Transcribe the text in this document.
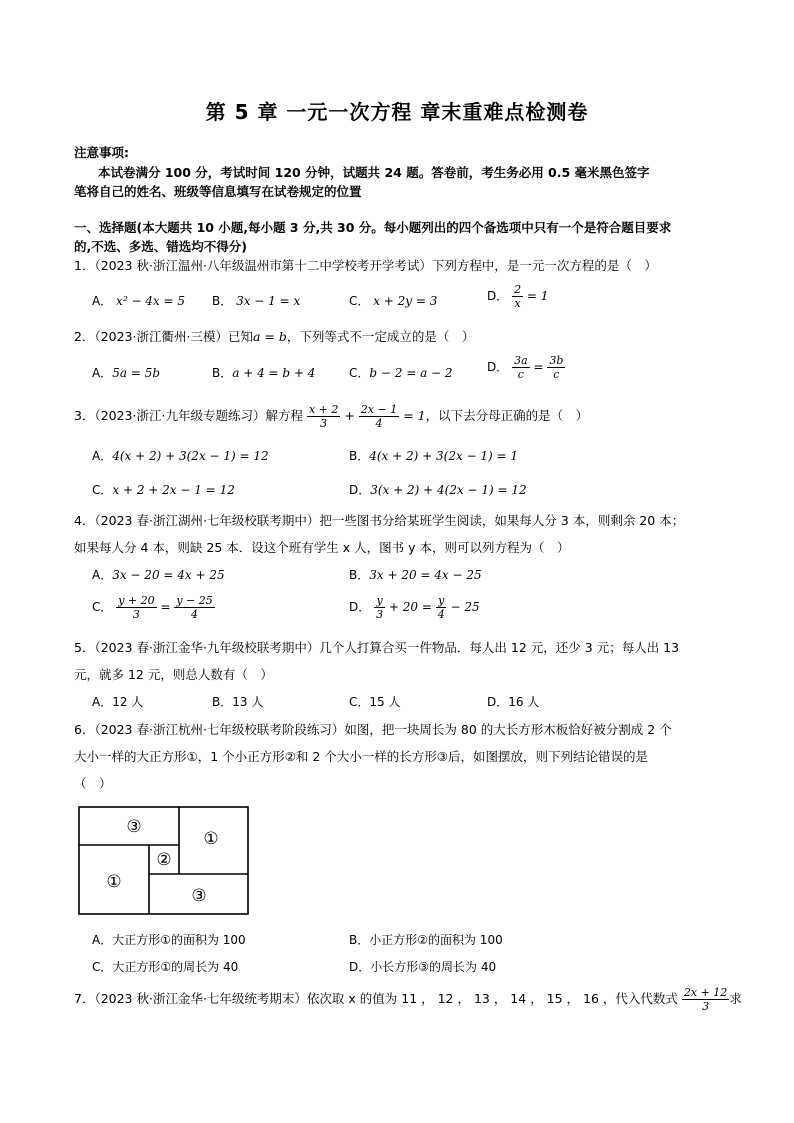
第 5 章 一元一次方程 章末重难点检测卷
注意事项:
本试卷满分 100 分，考试时间 120 分钟，试题共 24 题。答卷前，考生务必用 0.5 毫米黑色签字
笔将自己的姓名、班级等信息填写在试卷规定的位置
一、选择题(本大题共 10 小题,每小题 3 分,共 30 分。每小题列出的四个备选项中只有一个是符合题目要求
的,不选、多选、错选均不得分)
1．（2023 秋·浙江温州·八年级温州市第十二中学校考开学考试）下列方程中，是一元一次方程的是（　）
A． x² − 4x = 5 B． 3x − 1 = x	C． x + 2y = 3	D． $\frac{2}{x} = 1$
2．（2023·浙江衢州·三模）已知a = b，下列等式不一定成立的是（　）
A．5a = 5b	B．a + 4 = b + 4	C．b − 2 = a − 2	D． $\frac{3a}{c} = \frac{3b}{c}$
3．（2023·浙江·九年级专题练习）解方程 $\frac{x + 2}{3} + \frac{2x - 1}{4} = 1$，以下去分母正确的是（　）
A．4(x + 2) + 3(2x − 1) = 12	B．4(x + 2) + 3(2x − 1) = 1
C．x + 2 + 2x − 1 = 12	D．3(x + 2) + 4(2x − 1) = 12
4．（2023 春·浙江湖州·七年级校联考期中）把一些图书分给某班学生阅读，如果每人分 3 本，则剩余 20 本；
如果每人分 4 本，则缺 25 本．设这个班有学生 x 人，图书 y 本，则可以列方程为（　）
A．3x − 20 = 4x + 25	B．3x + 20 = 4x − 25
C． $\frac{y + 20}{3} = \frac{y - 25}{4}$	D． $\frac{y}{3} + 20 = \frac{y}{4} - 25$
5．（2023 春·浙江金华·九年级校联考期中）几个人打算合买一件物品．每人出 12 元，还少 3 元；每人出 13
元，就多 12 元，则总人数有（　）
A．12 人	B．13 人	C．15 人	D．16 人
6．（2023 春·浙江杭州·七年级校联考阶段练习）如图，把一块周长为 80 的大长方形木板恰好被分割成 2 个
大小一样的大正方形①，1 个小正方形②和 2 个大小一样的长方形③后，如图摆放，则下列结论错误的是
（　）
③
①
②
①
③
A．大正方形①的面积为 100	B．小正方形②的面积为 100
C．大正方形①的周长为 40	D．小长方形③的周长为 40
7．（2023 秋·浙江金华·七年级统考期末）依次取 x 的值为 11 ， 12 ， 13 ， 14 ， 15 ， 16 ，代入代数式 $\frac{2x + 12}{3}$ 求
